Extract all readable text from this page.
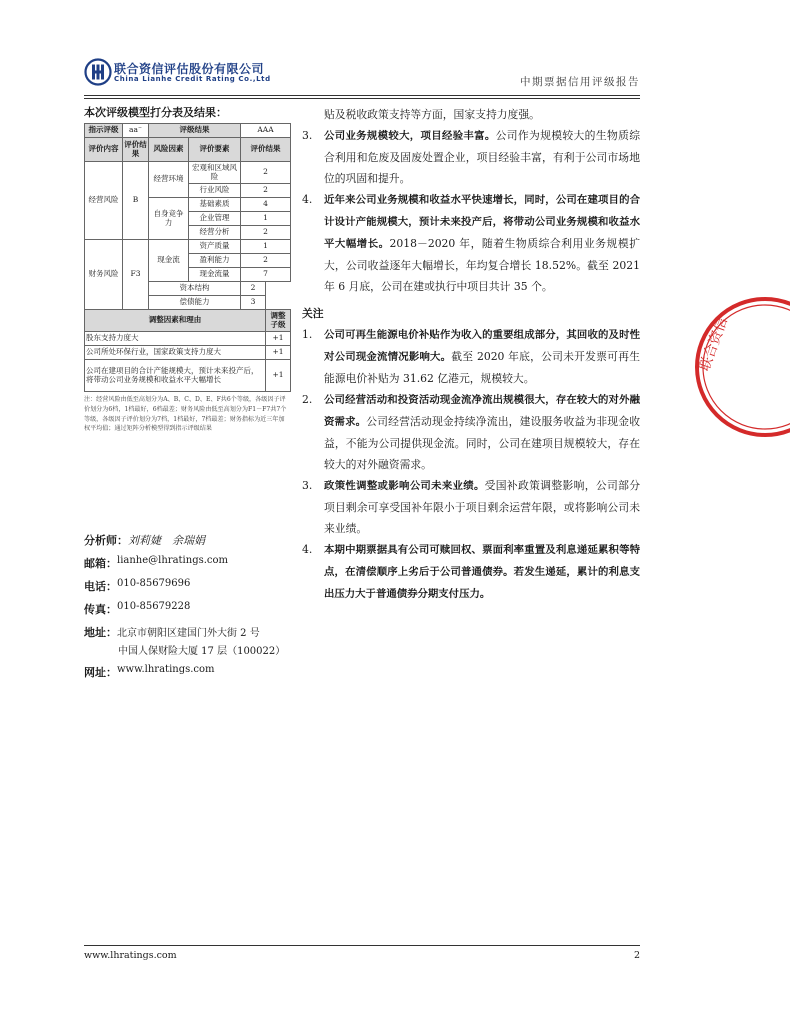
联合资信评估股份有限公司
China Lianhe Credit Rating Co.,Ltd	中期票据信用评级报告
本次评级模型打分表及结果：
指示评级	aa⁻	评级结果		AAA	
评价内容	评价结果	风险因素	评价要素	评价结果	
经营风险	B	经营环境	宏观和区域风险	2	
			行业风险	2	
		自身竞争力	基础素质	4	
			企业管理	1	
			经营分析	2	
财务风险	F3	现金流	资产质量	1	
			盈利能力	2	
			现金流量	7	
		资本结构		2	
		偿债能力		3	
调整因素和理由					调整子级
股东支持力度大					+1
公司所处环保行业，国家政策支持力度大					+1
公司在建项目的合计产能规模大，预计未来投产后，将带动公司业务规模和收益水平大幅增长					+1
注：经营风险由低至高划分为A、B、C、D、E、F共6个等级，各级因子评价划分为6档，1档最好，6档最差；财务风险由低至高划分为F1－F7共7个等级，各级因子评价划分为7档，1档最好，7档最差；财务指标为近三年加权平均值；通过矩阵分析模型得到指示评级结果
分析师： 刘莉婕　余瑞娟
邮箱： lianhe@lhratings.com
电话： 010-85679696
传真： 010-85679228
地址： 北京市朝阳区建国门外大街 2 号
中国人保财险大厦 17 层（100022）
网址： www.lhratings.com
贴及税收政策支持等方面，国家支持力度强。
3. 公司业务规模较大，项目经验丰富。公司作为规模较大的生物质综合利用和危废及固废处置企业，项目经验丰富，有利于公司市场地位的巩固和提升。
4. 近年来公司业务规模和收益水平快速增长，同时，公司在建项目的合计设计产能规模大，预计未来投产后，将带动公司业务规模和收益水平大幅增长。2018－2020 年，随着生物质综合利用业务规模扩大，公司收益逐年大幅增长，年均复合增长 18.52%。截至 2021 年 6 月底，公司在建或执行中项目共计 35 个。
关注
1. 公司可再生能源电价补贴作为收入的重要组成部分，其回收的及时性对公司现金流情况影响大。截至 2020 年底，公司未开发票可再生能源电价补贴为 31.62 亿港元，规模较大。
2. 公司经营活动和投资活动现金流净流出规模很大，存在较大的对外融资需求。公司经营活动现金持续净流出，建设服务收益为非现金收益，不能为公司提供现金流。同时，公司在建项目规模较大，存在较大的对外融资需求。
3. 政策性调整或影响公司未来业绩。受国补政策调整影响，公司部分项目剩余可享受国补年限小于项目剩余运营年限，或将影响公司未来业绩。
4. 本期中期票据具有公司可赎回权、票面利率重置及利息递延累积等特点，在清偿顺序上劣后于公司普通债券。若发生递延，累计的利息支出压力大于普通债券分期支付压力。
联合资信
www.lhratings.com	2
